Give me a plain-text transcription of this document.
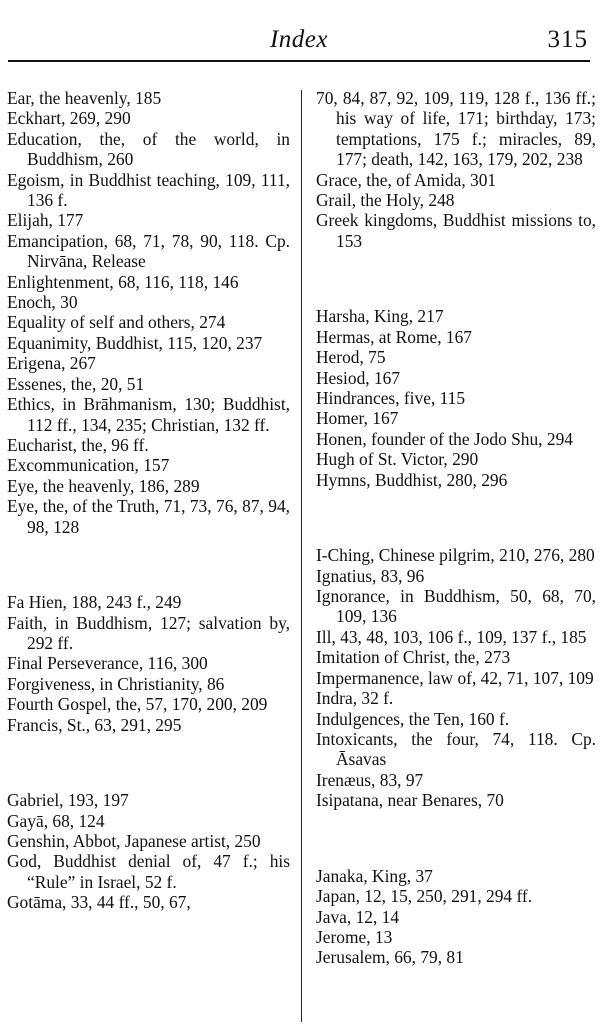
Index	315

Ear, the heavenly, 185

Eckhart, 269, 290

Education, the, of the world, in Buddhism, 260

Egoism, in Buddhist teaching, 109, 111, 136 f.

Elijah, 177

Emancipation, 68, 71, 78, 90, 118. Cp. Nirvāna, Release

Enlightenment, 68, 116, 118, 146

Enoch, 30

Equality of self and others, 274

Equanimity, Buddhist, 115, 120, 237

Erigena, 267

Essenes, the, 20, 51

Ethics, in Brāhmanism, 130; Buddhist, 112 ff., 134, 235; Christian, 132 ff.

Eucharist, the, 96 ff.

Excommunication, 157

Eye, the heavenly, 186, 289

Eye, the, of the Truth, 71, 73, 76, 87, 94, 98, 128

Fa Hien, 188, 243 f., 249

Faith, in Buddhism, 127; salvation by, 292 ff.

Final Perseverance, 116, 300

Forgiveness, in Christianity, 86

Fourth Gospel, the, 57, 170, 200, 209

Francis, St., 63, 291, 295

Gabriel, 193, 197

Gayā, 68, 124

Genshin, Abbot, Japanese artist, 250

God, Buddhist denial of, 47 f.; his “Rule” in Israel, 52 f.

Gotāma, 33, 44 ff., 50, 67,

70, 84, 87, 92, 109, 119, 128 f., 136 ff.; his way of life, 171; birthday, 173; temptations, 175 f.; miracles, 89, 177; death, 142, 163, 179, 202, 238

Grace, the, of Amida, 301

Grail, the Holy, 248

Greek kingdoms, Buddhist missions to, 153

Harsha, King, 217

Hermas, at Rome, 167

Herod, 75

Hesiod, 167

Hindrances, five, 115

Homer, 167

Honen, founder of the Jodo Shu, 294

Hugh of St. Victor, 290

Hymns, Buddhist, 280, 296

I-Ching, Chinese pilgrim, 210, 276, 280

Ignatius, 83, 96

Ignorance, in Buddhism, 50, 68, 70, 109, 136

Ill, 43, 48, 103, 106 f., 109, 137 f., 185

Imitation of Christ, the, 273

Impermanence, law of, 42, 71, 107, 109

Indra, 32 f.

Indulgences, the Ten, 160 f.

Intoxicants, the four, 74, 118. Cp. Āsavas

Irenæus, 83, 97

Isipatana, near Benares, 70

Janaka, King, 37

Japan, 12, 15, 250, 291, 294 ff.

Java, 12, 14

Jerome, 13

Jerusalem, 66, 79, 81
